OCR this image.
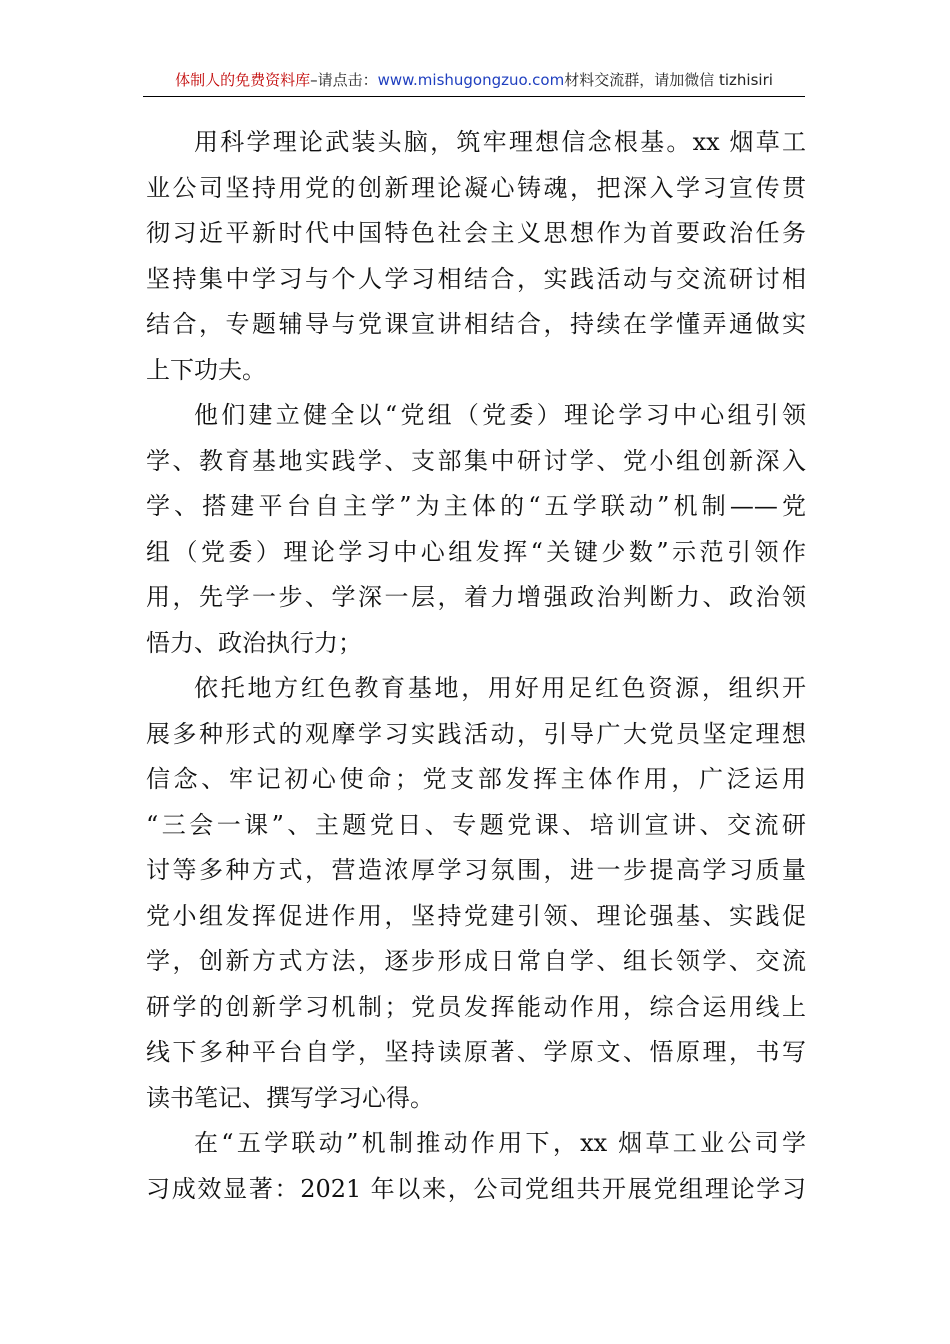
体制人的免费资料库–请点击：www.mishugongzuo.com材料交流群，请加微信 tizhisiri
用科学理论武装头脑，筑牢理想信念根基。xx 烟草工
业公司坚持用党的创新理论凝心铸魂，把深入学习宣传贯
彻习近平新时代中国特色社会主义思想作为首要政治任务
坚持集中学习与个人学习相结合，实践活动与交流研讨相
结合，专题辅导与党课宣讲相结合，持续在学懂弄通做实
上下功夫。
他们建立健全以“党组（党委）理论学习中心组引领
学、教育基地实践学、支部集中研讨学、党小组创新深入
学、搭建平台自主学”为主体的“五学联动”机制——党
组（党委）理论学习中心组发挥“关键少数”示范引领作
用，先学一步、学深一层，着力增强政治判断力、政治领
悟力、政治执行力；
依托地方红色教育基地，用好用足红色资源，组织开
展多种形式的观摩学习实践活动，引导广大党员坚定理想
信念、牢记初心使命；党支部发挥主体作用，广泛运用
“三会一课”、主题党日、专题党课、培训宣讲、交流研
讨等多种方式，营造浓厚学习氛围，进一步提高学习质量
党小组发挥促进作用，坚持党建引领、理论强基、实践促
学，创新方式方法，逐步形成日常自学、组长领学、交流
研学的创新学习机制；党员发挥能动作用，综合运用线上
线下多种平台自学，坚持读原著、学原文、悟原理，书写
读书笔记、撰写学习心得。
在“五学联动”机制推动作用下，xx 烟草工业公司学
习成效显著：2021 年以来，公司党组共开展党组理论学习
